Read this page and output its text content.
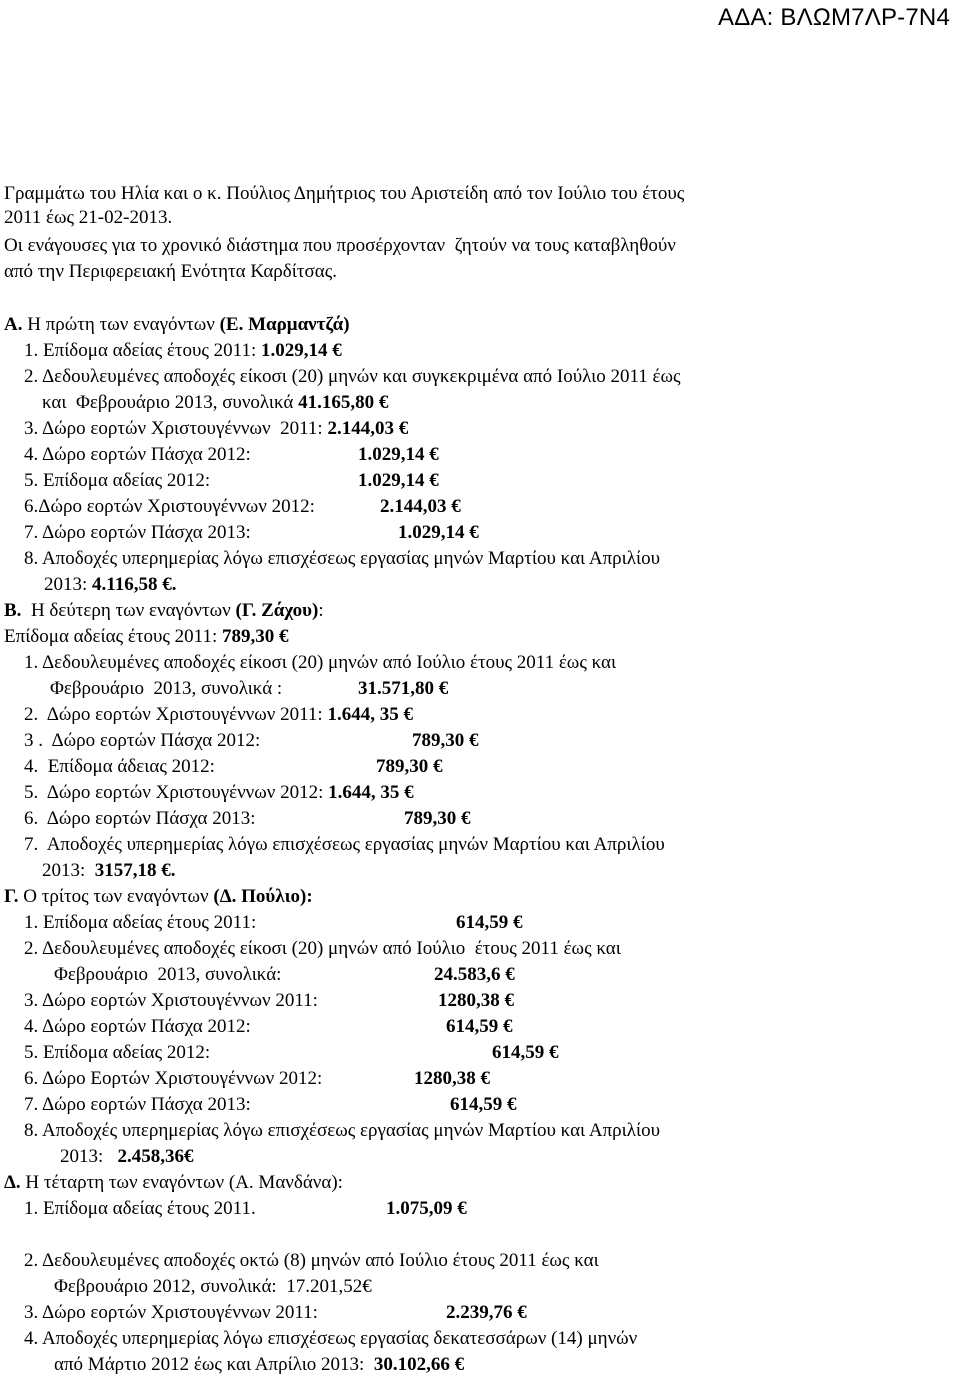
ΑΔΑ: ΒΛΩΜ7ΛΡ-7Ν4
Γραμμάτω του Ηλία και ο κ. Πούλιος Δημήτριος του Αριστείδη από τον Ιούλιο του έτους
2011 έως 21-02-2013.
Οι ενάγουσες για το χρονικό διάστημα που προσέρχονταν  ζητούν να τους καταβληθούν
από την Περιφερειακή Ενότητα Καρδίτσας.
Α. Η πρώτη των εναγόντων (Ε. Μαρμαντζά)
1. Επίδομα αδείας έτους 2011: 1.029,14 €
2. Δεδουλευμένες αποδοχές είκοσι (20) μηνών και συγκεκριμένα από Ιούλιο 2011 έως
και  Φεβρουάριο 2013, συνολικά 41.165,80 €
3. Δώρο εορτών Χριστουγέννων  2011: 2.144,03 €
4. Δώρο εορτών Πάσχα 2012:	1.029,14 €
5. Επίδομα αδείας 2012:	1.029,14 €
6.Δώρο εορτών Χριστουγέννων 2012:	2.144,03 €
7. Δώρο εορτών Πάσχα 2013:	1.029,14 €
8. Αποδοχές υπερημερίας λόγω επισχέσεως εργασίας μηνών Μαρτίου και Απριλίου
2013: 4.116,58 €.
Β.  Η δεύτερη των εναγόντων (Γ. Ζάχου):
Επίδομα αδείας έτους 2011: 789,30 €
1. Δεδουλευμένες αποδοχές είκοσι (20) μηνών από Ιούλιο έτους 2011 έως και
Φεβρουάριο  2013, συνολικά :	31.571,80 €
2.  Δώρο εορτών Χριστουγέννων 2011: 1.644, 35 €
3 .  Δώρο εορτών Πάσχα 2012:	789,30 €
4.  Επίδομα άδειας 2012:	789,30 €
5.  Δώρο εορτών Χριστουγέννων 2012: 1.644, 35 €
6.  Δώρο εορτών Πάσχα 2013:	789,30 €
7.  Αποδοχές υπερημερίας λόγω επισχέσεως εργασίας μηνών Μαρτίου και Απριλίου
2013:  3157,18 €.
Γ. Ο τρίτος των εναγόντων (Δ. Πούλιο):
1. Επίδομα αδείας έτους 2011:	614,59 €
2. Δεδουλευμένες αποδοχές είκοσι (20) μηνών από Ιούλιο  έτους 2011 έως και
Φεβρουάριο  2013, συνολικά:	24.583,6 €
3. Δώρο εορτών Χριστουγέννων 2011:	1280,38 €
4. Δώρο εορτών Πάσχα 2012:	614,59 €
5. Επίδομα αδείας 2012:	614,59 €
6. Δώρο Εορτών Χριστουγέννων 2012:	1280,38 €
7. Δώρο εορτών Πάσχα 2013:	614,59 €
8. Αποδοχές υπερημερίας λόγω επισχέσεως εργασίας μηνών Μαρτίου και Απριλίου
2013:   2.458,36€
Δ. Η τέταρτη των εναγόντων (Α. Μανδάνα):
1. Επίδομα αδείας έτους 2011.	1.075,09 €
2. Δεδουλευμένες αποδοχές οκτώ (8) μηνών από Ιούλιο έτους 2011 έως και
Φεβρουάριο 2012, συνολικά:  17.201,52€
3. Δώρο εορτών Χριστουγέννων 2011:	2.239,76 €
4. Αποδοχές υπερημερίας λόγω επισχέσεως εργασίας δεκατεσσάρων (14) μηνών
από Μάρτιο 2012 έως και Απρίλιο 2013:  30.102,66 €
